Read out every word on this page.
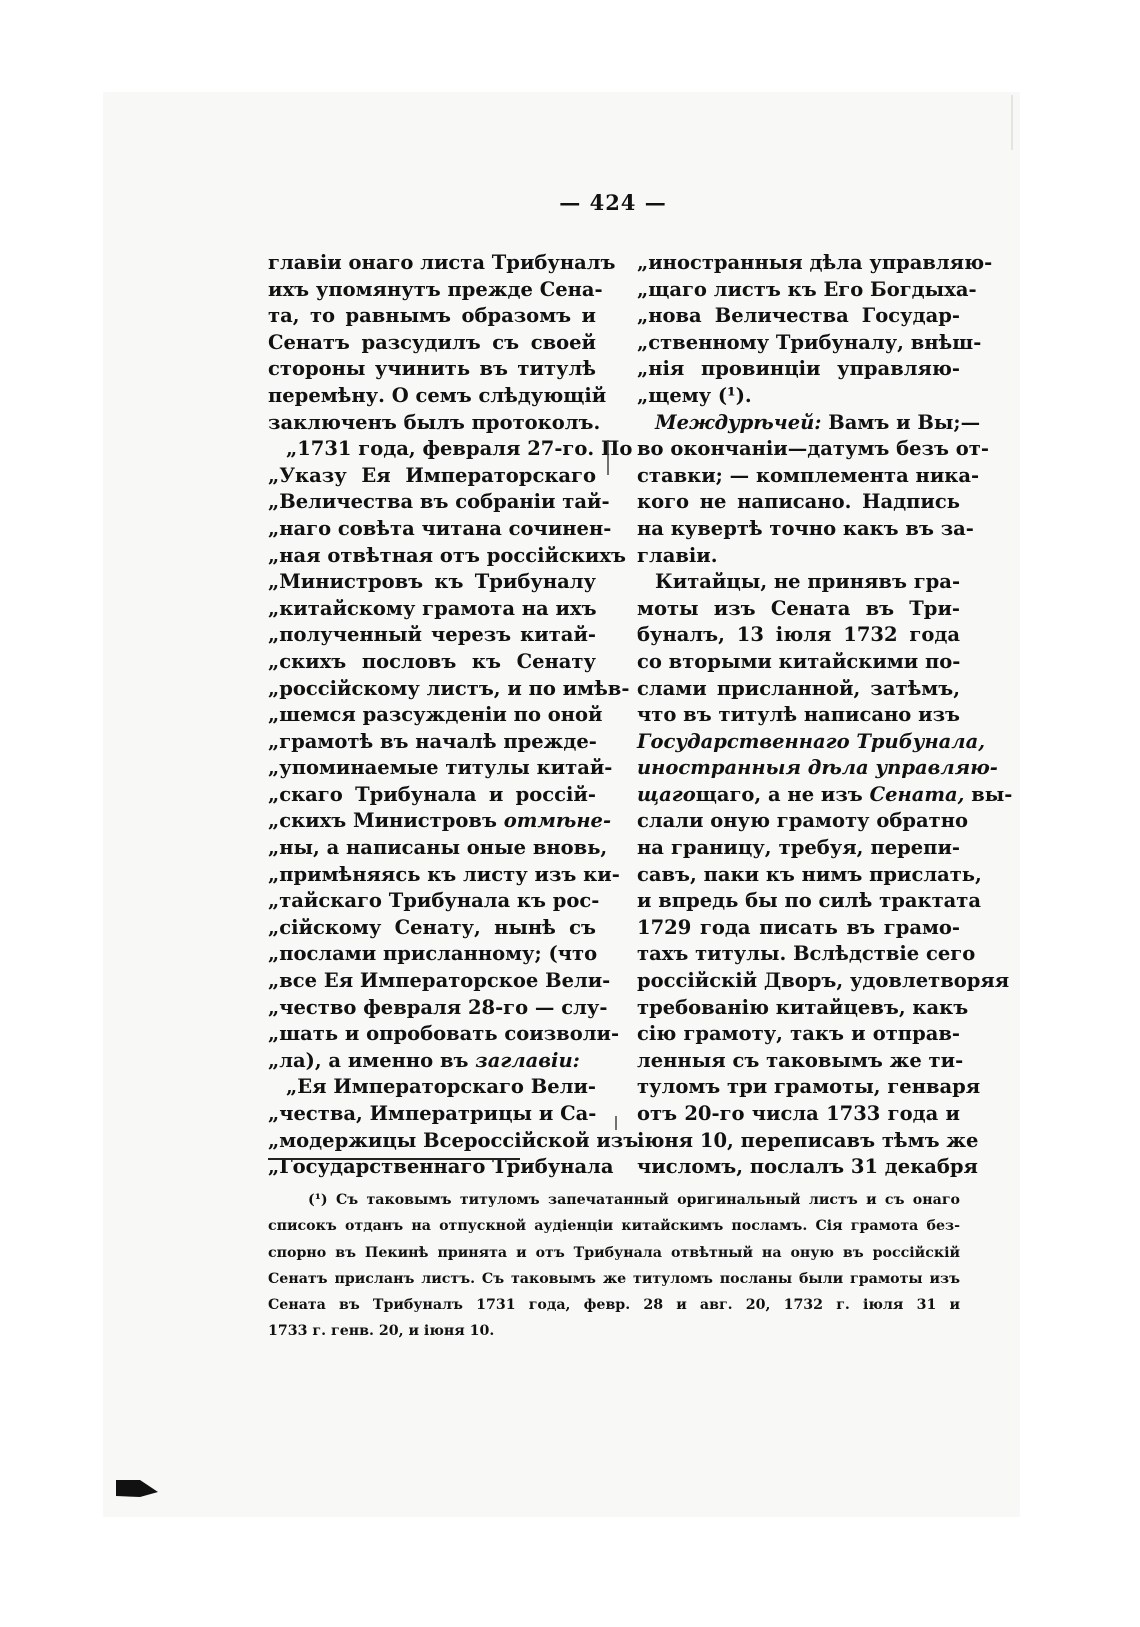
— 424 —
главіи онаго листа Трибуналъ
ихъ упомянутъ прежде Сена-
та, то равнымъ образомъ и
Сенатъ разсудилъ съ своей
стороны учинить въ титулѣ
перемѣну. О семъ слѣдующій
заключенъ былъ протоколъ.
„1731 года, февраля 27-го. По
„Указу Ея Императорскаго
„Величества въ собраніи тай-
„наго совѣта читана сочинен-
„ная отвѣтная отъ россійскихъ
„Министровъ къ Трибуналу
„китайскому грамота на ихъ
„полученный черезъ китай-
„скихъ пословъ къ Сенату
„россійскому листъ, и по имѣв-
„шемся разсужденіи по оной
„грамотѣ въ началѣ прежде-
„упоминаемые титулы китай-
„скаго Трибунала и россій-
„скихъ Министровъ отмѣне-
„ны, а написаны оные вновь,
„примѣняясь къ листу изъ ки-
„тайскаго Трибунала къ рос-
„сійскому Сенату, нынѣ съ
„послами присланному; (что
„все Ея Императорское Вели-
„чество февраля 28-го — слу-
„шать и опробовать соизволи-
„ла), а именно въ заглавіи:
„Ея Императорскаго Вели-
„чества, Императрицы и Са-
„модержицы Всероссійской изъ
„Государственнаго Трибунала
„иностранныя дѣла управляю-
„щаго листъ къ Его Богдыха-
„нова Величества Государ-
„ственному Трибуналу, внѣш-
„нія провинціи управляю-
„щему (¹).
Междурѣчей: Вамъ и Вы;—
во окончаніи—датумъ безъ от-
ставки; — комплемента ника-
кого не написано. Надпись
на кувертѣ точно какъ въ за-
главіи.
Китайцы, не принявъ гра-
моты изъ Сената въ Три-
буналъ, 13 іюля 1732 года
со вторыми китайскими по-
слами присланной, затѣмъ,
что въ титулѣ написано изъ
Государственнаго Трибунала,
иностранныя дѣла управляю-
щагощаго, а не изъ Сената, вы-
слали оную грамоту обратно
на границу, требуя, перепи-
савъ, паки къ нимъ прислать,
и впредь бы по силѣ трактата
1729 года писать въ грамо-
тахъ титулы. Вслѣдствіе сего
россійскій Дворъ, удовлетворяя
требованію китайцевъ, какъ
сію грамоту, такъ и отправ-
ленныя съ таковымъ же ти-
туломъ три грамоты, генваря
отъ 20-го числа 1733 года и
іюня 10, переписавъ тѣмъ же
числомъ, послалъ 31 декабря
(¹) Съ таковымъ титуломъ запечатанный оригинальный листъ и съ онаго
списокъ отданъ на отпускной аудіенціи китайскимъ посламъ. Сія грамота без-
спорно въ Пекинѣ принята и отъ Трибунала отвѣтный на оную въ россійскій
Сенатъ присланъ листъ. Съ таковымъ же титуломъ посланы были грамоты изъ
Сената въ Трибуналъ 1731 года, февр. 28 и авг. 20, 1732 г. іюля 31 и
1733 г. генв. 20, и іюня 10.
